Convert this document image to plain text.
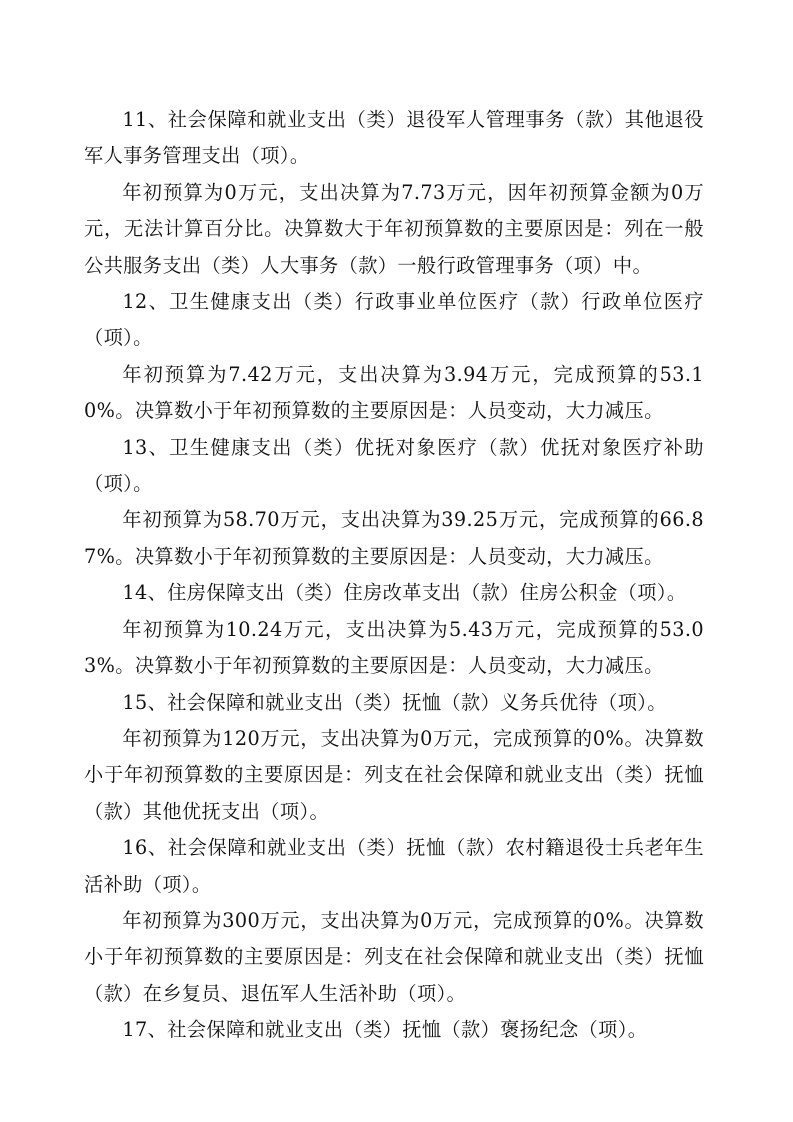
11、社会保障和就业支出（类）退役军人管理事务（款）其他退役军人事务管理支出（项）。

年初预算为0万元，支出决算为7.73万元，因年初预算金额为0万元，无法计算百分比。决算数大于年初预算数的主要原因是：列在一般公共服务支出（类）人大事务（款）一般行政管理事务（项）中。

12、卫生健康支出（类）行政事业单位医疗（款）行政单位医疗（项）。

年初预算为7.42万元，支出决算为3.94万元，完成预算的53.10%。决算数小于年初预算数的主要原因是：人员变动，大力减压。

13、卫生健康支出（类）优抚对象医疗（款）优抚对象医疗补助（项）。

年初预算为58.70万元，支出决算为39.25万元，完成预算的66.87%。决算数小于年初预算数的主要原因是：人员变动，大力减压。

14、住房保障支出（类）住房改革支出（款）住房公积金（项）。

年初预算为10.24万元，支出决算为5.43万元，完成预算的53.03%。决算数小于年初预算数的主要原因是：人员变动，大力减压。

15、社会保障和就业支出（类）抚恤（款）义务兵优待（项）。

年初预算为120万元，支出决算为0万元，完成预算的0%。决算数小于年初预算数的主要原因是：列支在社会保障和就业支出（类）抚恤（款）其他优抚支出（项）。

16、社会保障和就业支出（类）抚恤（款）农村籍退役士兵老年生活补助（项）。

年初预算为300万元，支出决算为0万元，完成预算的0%。决算数小于年初预算数的主要原因是：列支在社会保障和就业支出（类）抚恤（款）在乡复员、退伍军人生活补助（项）。

17、社会保障和就业支出（类）抚恤（款）褒扬纪念（项）。
